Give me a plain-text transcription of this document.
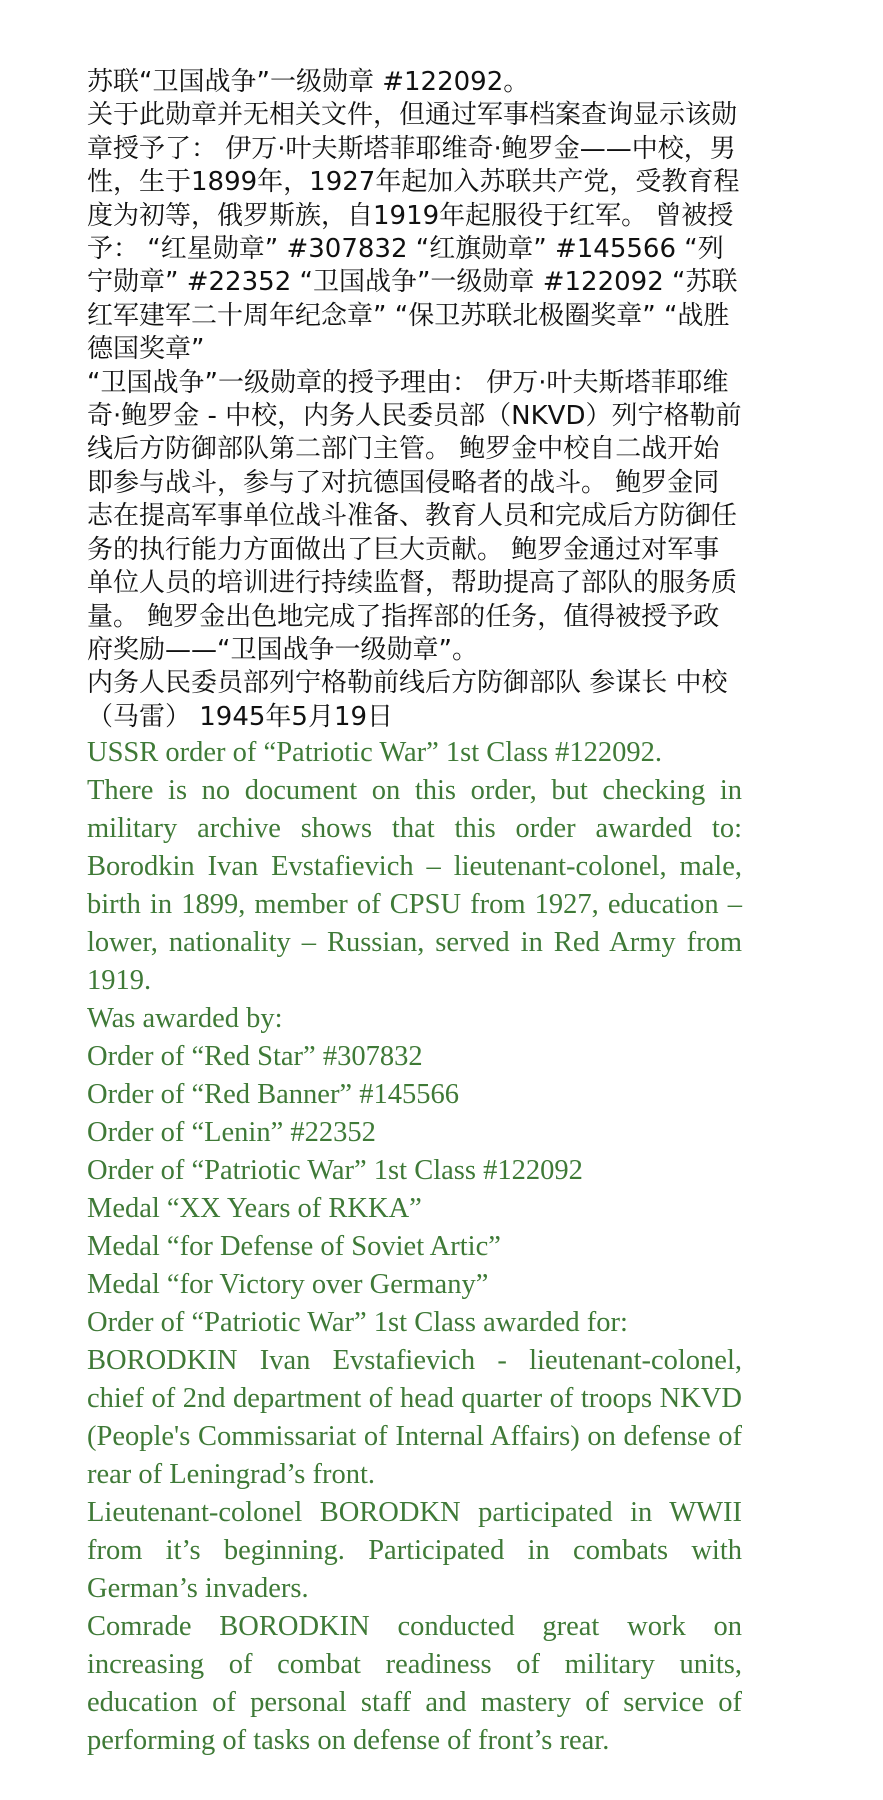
苏联“卫国战争”一级勋章 #122092。

关于此勋章并无相关文件，但通过军事档案查询显示该勋章授予了： 伊万·叶夫斯塔菲耶维奇·鲍罗金——中校，男性，生于1899年，1927年起加入苏联共产党，受教育程度为初等，俄罗斯族，自1919年起服役于红军。 曾被授予： “红星勋章” #307832 “红旗勋章” #145566 “列宁勋章” #22352 “卫国战争”一级勋章 #122092 “苏联红军建军二十周年纪念章” “保卫苏联北极圈奖章” “战胜德国奖章”

“卫国战争”一级勋章的授予理由： 伊万·叶夫斯塔菲耶维奇·鲍罗金 - 中校，内务人民委员部（NKVD）列宁格勒前线后方防御部队第二部门主管。 鲍罗金中校自二战开始即参与战斗，参与了对抗德国侵略者的战斗。 鲍罗金同志在提高军事单位战斗准备、教育人员和完成后方防御任务的执行能力方面做出了巨大贡献。 鲍罗金通过对军事单位人员的培训进行持续监督，帮助提高了部队的服务质量。 鲍罗金出色地完成了指挥部的任务，值得被授予政府奖励——“卫国战争一级勋章”。

内务人民委员部列宁格勒前线后方防御部队 参谋长 中校（马雷） 1945年5月19日

USSR order of “Patriotic War” 1st Class #122092.

There is no document on this order, but checking in military archive shows that this order awarded to: Borodkin Ivan Evstafievich – lieutenant-colonel, male, birth in 1899, member of CPSU from 1927, education – lower, nationality – Russian, served in Red Army from 1919.

Was awarded by:

Order of “Red Star” #307832

Order of “Red Banner” #145566

Order of “Lenin” #22352

Order of “Patriotic War” 1st Class #122092

Medal “XX Years of RKKA”

Medal “for Defense of Soviet Artic”

Medal “for Victory over Germany”

Order of “Patriotic War” 1st Class awarded for:

BORODKIN Ivan Evstafievich - lieutenant-colonel, chief of 2nd department of head quarter of troops NKVD (People's Commissariat of Internal Affairs) on defense of rear of Leningrad’s front.

Lieutenant-colonel BORODKN participated in WWII from it’s beginning. Participated in combats with German’s invaders.

Comrade BORODKIN conducted great work on increasing of combat readiness of military units, education of personal staff and mastery of service of performing of tasks on defense of front’s rear.
